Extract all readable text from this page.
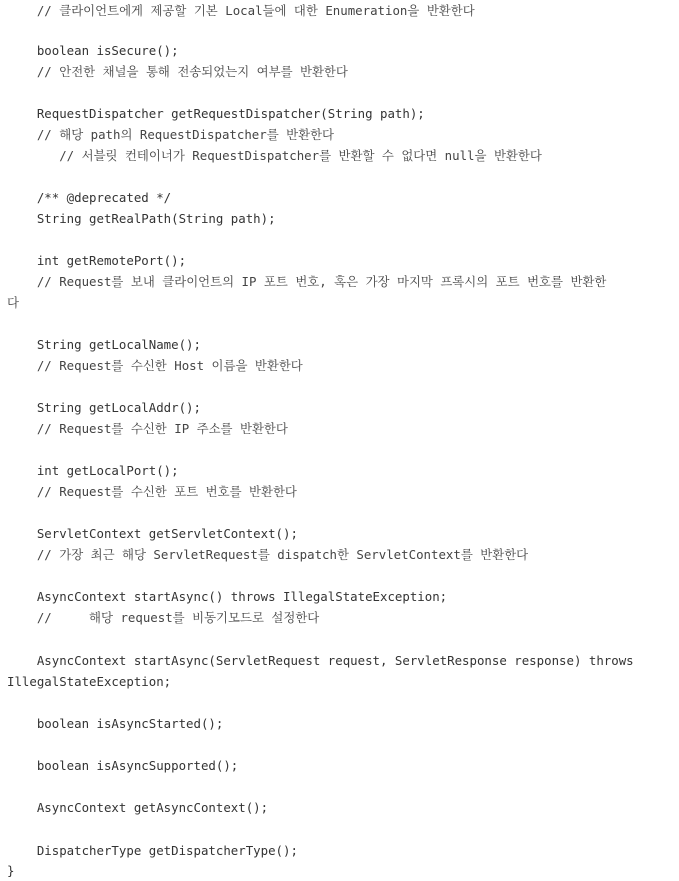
// 클라이언트에게 제공할 기본 Local들에 대한 Enumeration을 반환한다
boolean isSecure();
// 안전한 채널을 통해 전송되었는지 여부를 반환한다
RequestDispatcher getRequestDispatcher(String path);
// 해당 path의 RequestDispatcher를 반환한다
// 서블릿 컨테이너가 RequestDispatcher를 반환할 수 없다면 null을 반환한다
/** @deprecated */
String getRealPath(String path);
int getRemotePort();
// Request를 보내 클라이언트의 IP 포트 번호, 혹은 가장 마지막 프록시의 포트 번호를 반환한
다
String getLocalName();
// Request를 수신한 Host 이름을 반환한다
String getLocalAddr();
// Request를 수신한 IP 주소를 반환한다
int getLocalPort();
// Request를 수신한 포트 번호를 반환한다
ServletContext getServletContext();
// 가장 최근 해당 ServletRequest를 dispatch한 ServletContext를 반환한다
AsyncContext startAsync() throws IllegalStateException;
//     해당 request를 비동기모드로 설정한다
AsyncContext startAsync(ServletRequest request, ServletResponse response) throws
IllegalStateException;
boolean isAsyncStarted();
boolean isAsyncSupported();
AsyncContext getAsyncContext();
DispatcherType getDispatcherType();
}
